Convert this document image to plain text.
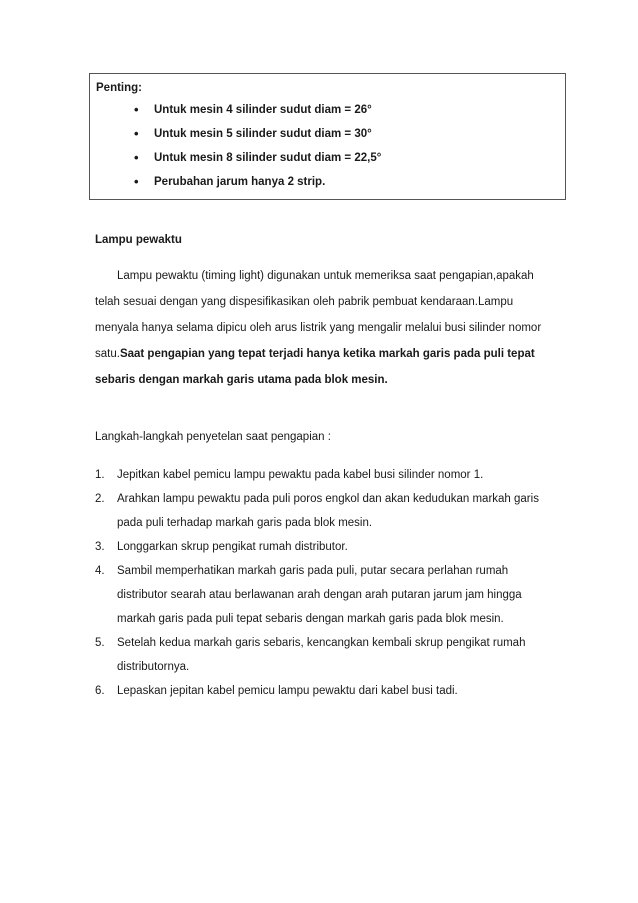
Penting:
• Untuk mesin 4 silinder sudut diam = 26°
• Untuk mesin 5 silinder sudut diam = 30°
• Untuk mesin 8 silinder sudut diam = 22,5°
• Perubahan jarum hanya 2 strip.
Lampu pewaktu
Lampu pewaktu (timing light) digunakan untuk memeriksa saat pengapian,apakah
telah sesuai dengan yang dispesifikasikan oleh pabrik pembuat kendaraan.Lampu
menyala hanya selama dipicu oleh arus listrik yang mengalir melalui busi silinder nomor
satu.Saat pengapian yang tepat terjadi hanya ketika markah garis pada puli tepat
sebaris dengan markah garis utama pada blok mesin.
Langkah-langkah penyetelan saat pengapian :
1.	Jepitkan kabel pemicu lampu pewaktu pada kabel busi silinder nomor 1.
2.	Arahkan lampu pewaktu pada puli poros engkol dan akan kedudukan markah garis
pada puli terhadap markah garis pada blok mesin.
3.	Longgarkan skrup pengikat rumah distributor.
4.	Sambil memperhatikan markah garis pada puli, putar secara perlahan rumah
distributor searah atau berlawanan arah dengan arah putaran jarum jam hingga
markah garis pada puli tepat sebaris dengan markah garis pada blok mesin.
5.	Setelah kedua markah garis sebaris, kencangkan kembali skrup pengikat rumah
distributornya.
6.	Lepaskan jepitan kabel pemicu lampu pewaktu dari kabel busi tadi.
